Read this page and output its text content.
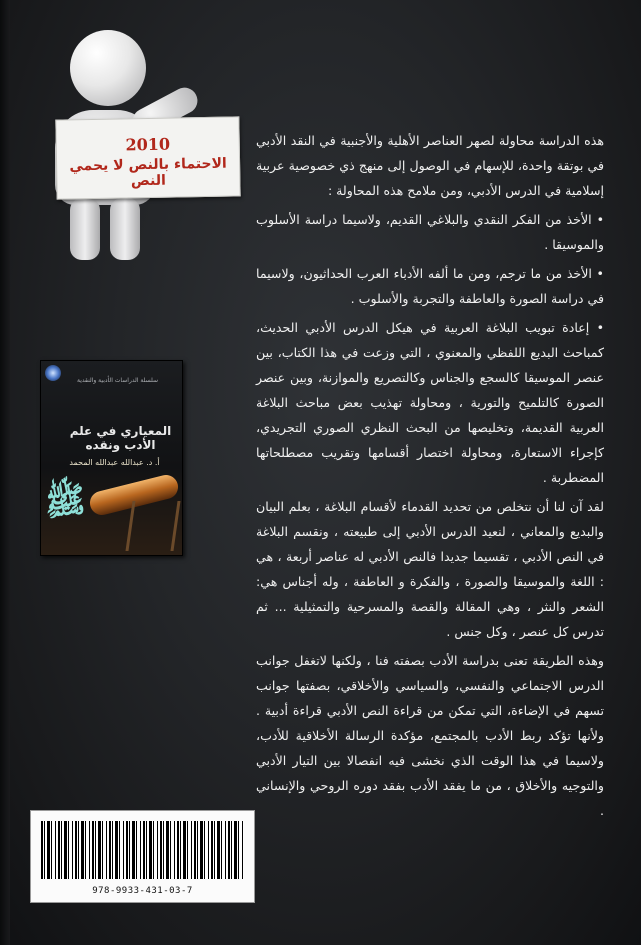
2010
الاحتماء بالنص لا يحمي النص
سلسلة الدراسات الأدبية والنقدية
المعياري في علم الأدب ونقده
أ. د. عبدالله عبدالله المحمد
ﷺ

هذه الدراسة محاولة لصهر العناصر الأهلية والأجنبية في النقد الأدبي في بوتقة واحدة، للإسهام في الوصول إلى منهج ذي خصوصية عربية إسلامية في الدرس الأدبي، ومن ملامح هذه المحاولة :

• الأخذ من الفكر النقدي والبلاغي القديم، ولاسيما دراسة الأسلوب والموسيقا .

• الأخذ من ما ترجم، ومن ما ألفه الأدباء العرب الحداثيون، ولاسيما في دراسة الصورة والعاطفة والتجربة والأسلوب .

• إعادة تبويب البلاغة العربية في هيكل الدرس الأدبي الحديث، كمباحث البديع اللفظي والمعنوي ، التي وزعت في هذا الكتاب، بين عنصر الموسيقا كالسجع والجناس وكالتصريع والموازنة، وبين عنصر الصورة كالتلميح والتورية ، ومحاولة تهذيب بعض مباحث البلاغة العربية القديمة، وتخليصها من البحث النظري الصوري التجريدي، كإجراء الاستعارة، ومحاولة اختصار أقسامها وتقريب مصطلحاتها المضطربة .

لقد آن لنا أن نتخلص من تحديد القدماء لأقسام البلاغة ، بعلم البيان والبديع والمعاني ، لنعيد الدرس الأدبي إلى طبيعته ، ونقسم البلاغة في النص الأدبي ، تقسيما جديدا فالنص الأدبي له عناصر أربعة ، هي : اللغة والموسيقا والصورة ، والفكرة و العاطفة ، وله أجناس هي: الشعر والنثر ، وهي المقالة والقصة والمسرحية والتمثيلية ... ثم تدرس كل عنصر ، وكل جنس .

وهذه الطريقة تعنى بدراسة الأدب بصفته فنا ، ولكنها لاتغفل جوانب الدرس الاجتماعي والنفسي، والسياسي والأخلاقي، بصفتها جوانب تسهم في الإضاءة، التي تمكن من قراءة النص الأدبي قراءة أدبية . ولأنها تؤكد ربط الأدب بالمجتمع، مؤكدة الرسالة الأخلاقية للأدب، ولاسيما في هذا الوقت الذي نخشى فيه انفصالا بين التيار الأدبي والتوجيه والأخلاق ، من ما يفقد الأدب بفقد دوره الروحي والإنساني .

978-9933-431-03-7
